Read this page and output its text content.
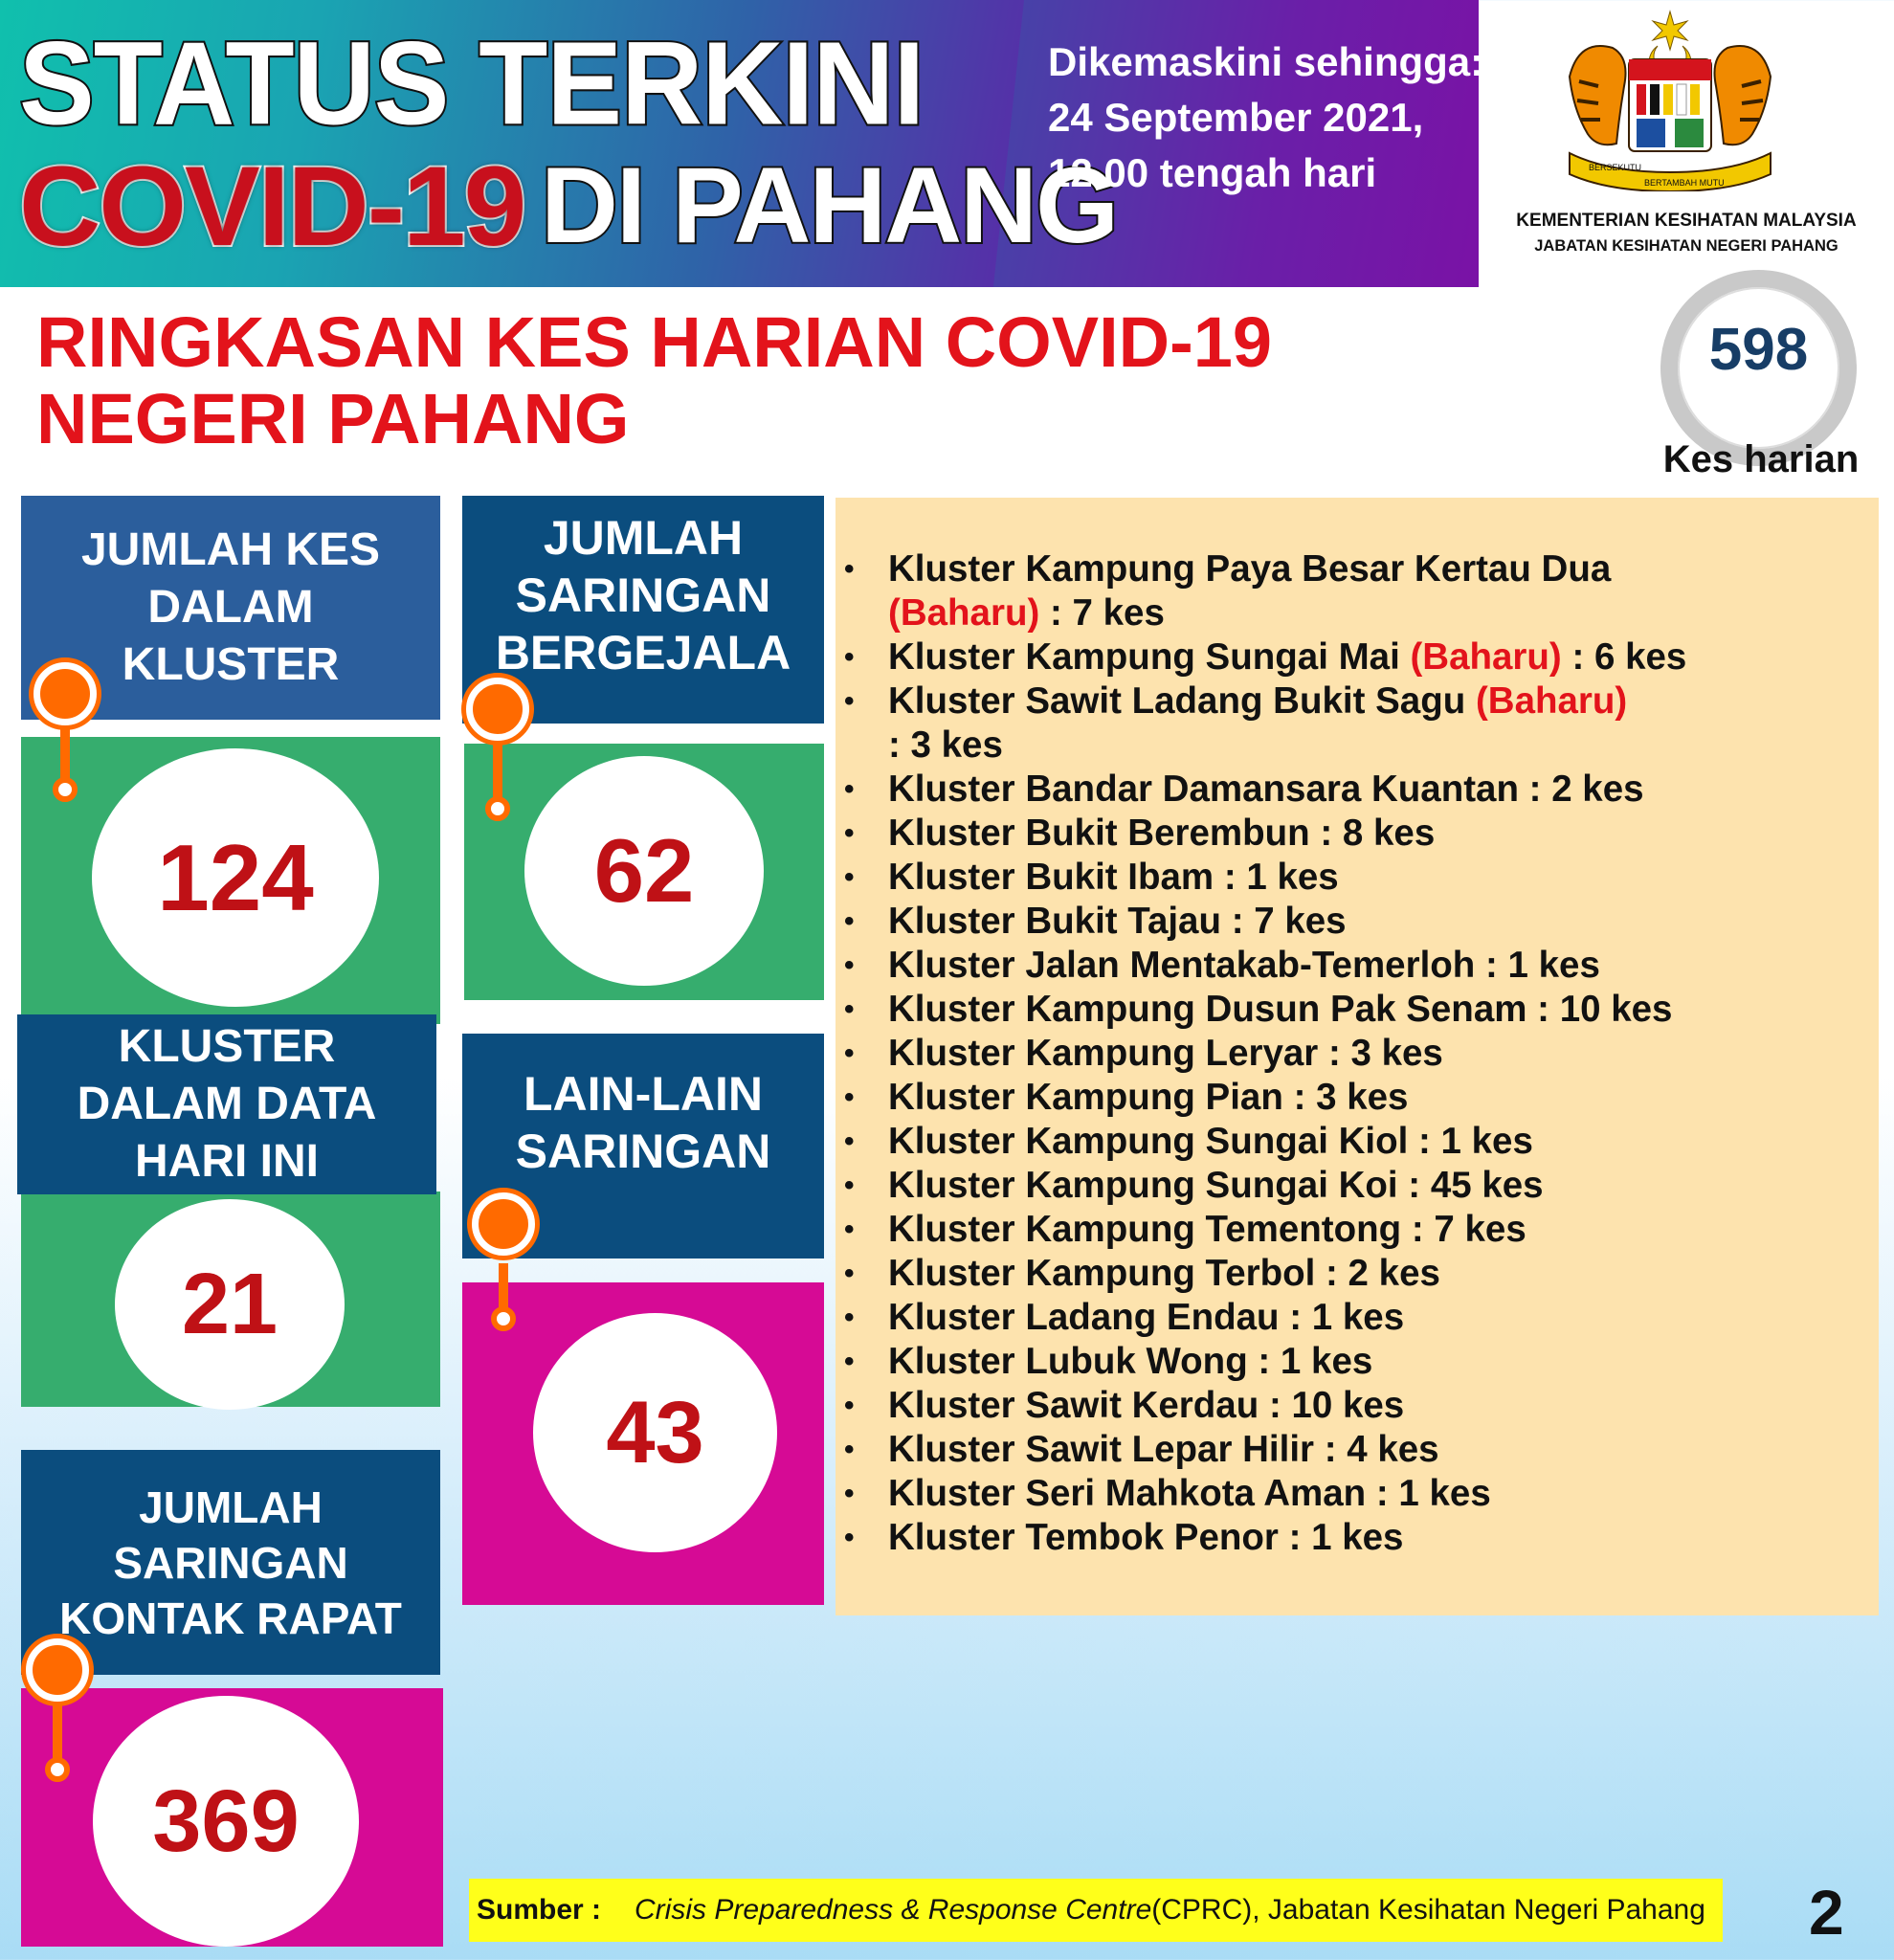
STATUS TERKINI
COVID-19 DI PAHANG
Dikemaskini sehingga:
24 September 2021,
12.00 tengah hari	BERSEKUTU
BERTAMBAH MUTU
KEMENTERIAN KESIHATAN MALAYSIA
JABATAN KESIHATAN NEGERI PAHANG
RINGKASAN KES HARIAN COVID-19
NEGERI PAHANG
598
Kes harian
JUMLAH KES
DALAM
KLUSTER
124
KLUSTER
DALAM DATA
HARI INI
21
JUMLAH
SARINGAN
KONTAK RAPAT
369
JUMLAH
SARINGAN
BERGEJALA
62
LAIN-LAIN
SARINGAN
43
• Kluster Kampung Paya Besar Kertau Dua
(Baharu) : 7 kes
• Kluster Kampung Sungai Mai (Baharu) : 6 kes
• Kluster Sawit Ladang Bukit Sagu (Baharu)
: 3 kes
• Kluster Bandar Damansara Kuantan : 2 kes
• Kluster Bukit Berembun : 8 kes
• Kluster Bukit Ibam : 1 kes
• Kluster Bukit Tajau : 7 kes
• Kluster Jalan Mentakab-Temerloh : 1 kes
• Kluster Kampung Dusun Pak Senam : 10 kes
• Kluster Kampung Leryar : 3 kes
• Kluster Kampung Pian : 3 kes
• Kluster Kampung Sungai Kiol : 1 kes
• Kluster Kampung Sungai Koi : 45 kes
• Kluster Kampung Tementong : 7 kes
• Kluster Kampung Terbol : 2 kes
• Kluster Ladang Endau : 1 kes
• Kluster Lubuk Wong : 1 kes
• Kluster Sawit Kerdau : 10 kes
• Kluster Sawit Lepar Hilir : 4 kes
• Kluster Seri Mahkota Aman : 1 kes
• Kluster Tembok Penor : 1 kes
Sumber :	Crisis Preparedness & Response Centre (CPRC), Jabatan Kesihatan Negeri Pahang 2
